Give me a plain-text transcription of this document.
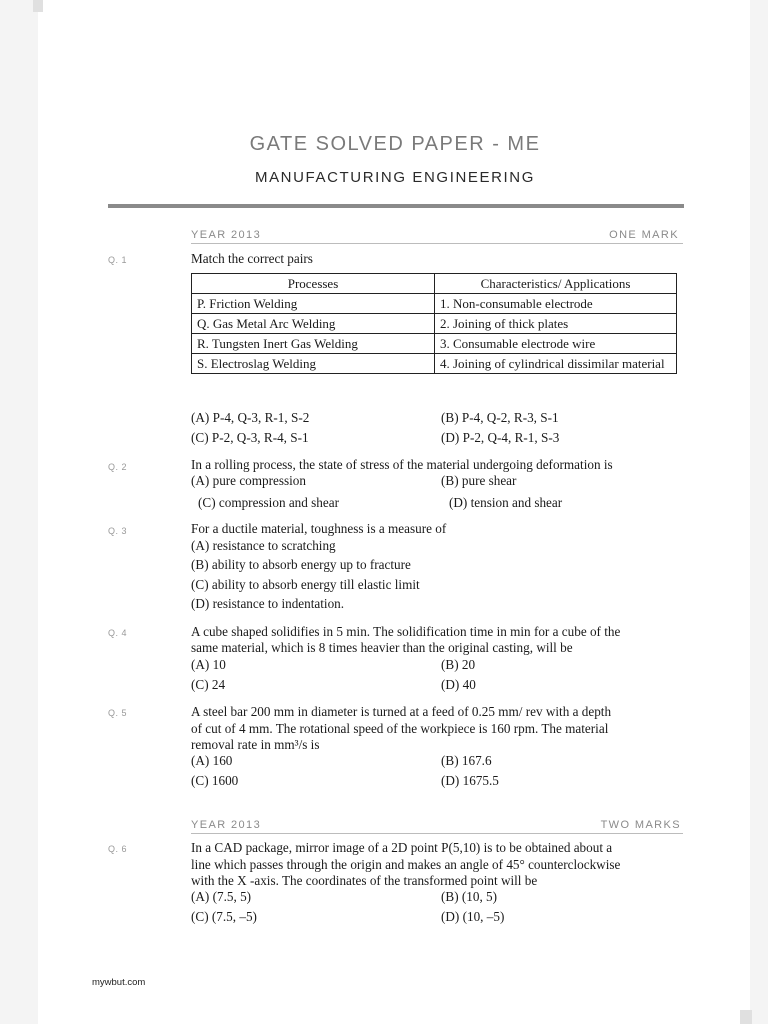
GATE SOLVED PAPER - ME
MANUFACTURING ENGINEERING
YEAR 2013	ONE MARK
Q. 1	Match the correct pairs
Processes	Characteristics/ Applications
P. Friction Welding	1. Non-consumable electrode
Q. Gas Metal Arc Welding	2. Joining of thick plates
R. Tungsten Inert Gas Welding	3. Consumable electrode wire
S. Electroslag Welding	4. Joining of cylindrical dissimilar material
(A) P-4, Q-3, R-1, S-2	(B) P-4, Q-2, R-3, S-1
(C) P-2, Q-3, R-4, S-1	(D) P-2, Q-4, R-1, S-3
Q. 2	In a rolling process, the state of stress of the material undergoing deformation is
(A) pure compression	(B) pure shear
(C) compression and shear	(D) tension and shear
Q. 3	For a ductile material, toughness is a measure of
(A) resistance to scratching
(B) ability to absorb energy up to fracture
(C) ability to absorb energy till elastic limit
(D) resistance to indentation.
Q. 4	A cube shaped solidifies in 5 min. The solidification time in min for a cube of the
same material, which is 8 times heavier than the original casting, will be
(A) 10	(B) 20
(C) 24	(D) 40
Q. 5	A steel bar 200 mm in diameter is turned at a feed of 0.25 mm/ rev with a depth
of cut of 4 mm. The rotational speed of the workpiece is 160 rpm. The material
removal rate in mm³/s is
(A) 160	(B) 167.6
(C) 1600	(D) 1675.5
YEAR 2013	TWO MARKS
Q. 6	In a CAD package, mirror image of a 2D point P(5,10) is to be obtained about a
line which passes through the origin and makes an angle of 45° counterclockwise
with the X -axis. The coordinates of the transformed point will be
(A) (7.5, 5)	(B) (10, 5)
(C) (7.5, –5)	(D) (10, –5)
mywbut.com
